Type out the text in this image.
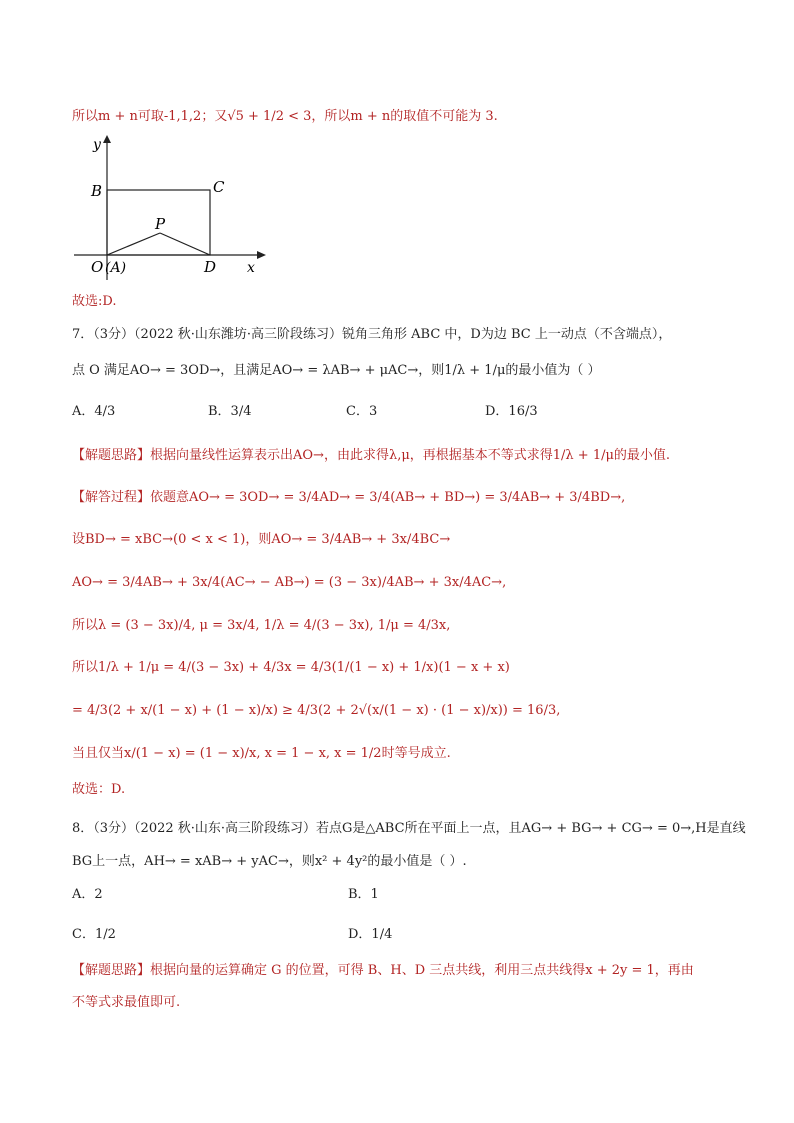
所以m + n可取-1,1,2；又√5 + 1/2 < 3，所以m + n的取值不可能为 3.
y
x
B	C
P
O (A)	D
故选:D.
7．（3分）（2022 秋·山东潍坊·高三阶段练习）锐角三角形 ABC 中，D为边 BC 上一动点（不含端点），
点 O 满足AO→ = 3OD→，且满足AO→ = λAB→ + μAC→，则1/λ + 1/μ的最小值为（ ）
A．4/3	B．3/4	C．3	D．16/3
【解题思路】根据向量线性运算表示出AO→，由此求得λ,μ，再根据基本不等式求得1/λ + 1/μ的最小值.
【解答过程】依题意AO→ = 3OD→ = 3/4AD→ = 3/4(AB→ + BD→) = 3/4AB→ + 3/4BD→,
设BD→ = xBC→(0 < x < 1)，则AO→ = 3/4AB→ + 3x/4BC→
AO→ = 3/4AB→ + 3x/4(AC→ − AB→) = (3 − 3x)/4AB→ + 3x/4AC→,
所以λ = (3 − 3x)/4, μ = 3x/4, 1/λ = 4/(3 − 3x), 1/μ = 4/3x,
所以1/λ + 1/μ = 4/(3 − 3x) + 4/3x = 4/3(1/(1 − x) + 1/x)(1 − x + x)
= 4/3(2 + x/(1 − x) + (1 − x)/x) ≥ 4/3(2 + 2√(x/(1 − x) · (1 − x)/x)) = 16/3,
当且仅当x/(1 − x) = (1 − x)/x, x = 1 − x, x = 1/2时等号成立.
故选：D.
8．（3分）（2022 秋·山东·高三阶段练习）若点G是△ABC所在平面上一点，且AG→ + BG→ + CG→ = 0→,H是直线
BG上一点，AH→ = xAB→ + yAC→，则x² + 4y²的最小值是（ ）.
A．2	B．1
C．1/2	D．1/4
【解题思路】根据向量的运算确定 G 的位置，可得 B、H、D 三点共线，利用三点共线得x + 2y = 1，再由
不等式求最值即可.
